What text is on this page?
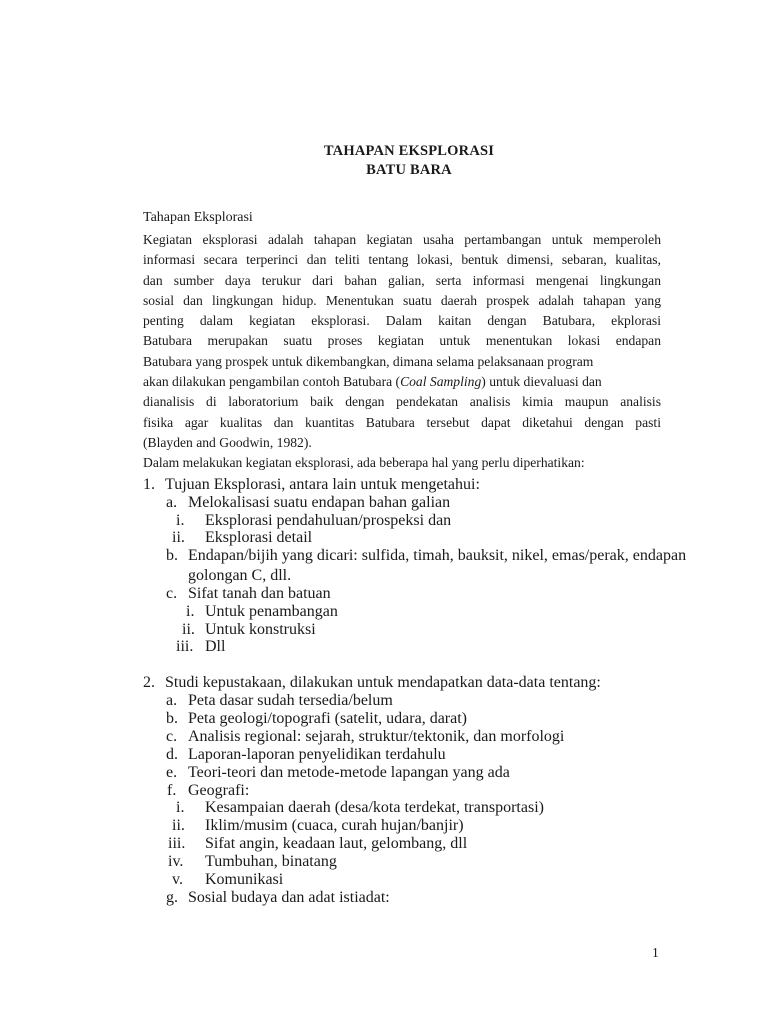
TAHAPAN EKSPLORASI
BATU BARA
Tahapan Eksplorasi
Kegiatan eksplorasi adalah tahapan kegiatan usaha pertambangan untuk memperoleh
informasi secara terperinci dan teliti tentang lokasi, bentuk dimensi, sebaran, kualitas,
dan sumber daya terukur dari bahan galian, serta informasi mengenai lingkungan
sosial dan lingkungan hidup. Menentukan suatu daerah prospek adalah tahapan yang
penting dalam kegiatan eksplorasi. Dalam kaitan dengan Batubara, ekplorasi
Batubara merupakan suatu proses kegiatan untuk menentukan lokasi endapan
Batubara yang prospek untuk dikembangkan, dimana selama pelaksanaan program
akan dilakukan pengambilan contoh Batubara (Coal Sampling) untuk dievaluasi dan
dianalisis di laboratorium baik dengan pendekatan analisis kimia maupun analisis
fisika agar kualitas dan kuantitas Batubara tersebut dapat diketahui dengan pasti
(Blayden and Goodwin, 1982).
Dalam melakukan kegiatan eksplorasi, ada beberapa hal yang perlu diperhatikan:
1. Tujuan Eksplorasi, antara lain untuk mengetahui:
a. Melokalisasi suatu endapan bahan galian
i. Eksplorasi pendahuluan/prospeksi dan
ii. Eksplorasi detail
b. Endapan/bijih yang dicari: sulfida, timah, bauksit, nikel, emas/perak, endapan
golongan C, dll.
c. Sifat tanah dan batuan
i. Untuk penambangan
ii. Untuk konstruksi
iii. Dll
2. Studi kepustakaan, dilakukan untuk mendapatkan data-data tentang:
a. Peta dasar sudah tersedia/belum
b. Peta geologi/topografi (satelit, udara, darat)
c. Analisis regional: sejarah, struktur/tektonik, dan morfologi
d. Laporan-laporan penyelidikan terdahulu
e. Teori-teori dan metode-metode lapangan yang ada
f. Geografi:
i. Kesampaian daerah (desa/kota terdekat, transportasi)
ii. Iklim/musim (cuaca, curah hujan/banjir)
iii. Sifat angin, keadaan laut, gelombang, dll
iv. Tumbuhan, binatang
v. Komunikasi
g. Sosial budaya dan adat istiadat:
1
